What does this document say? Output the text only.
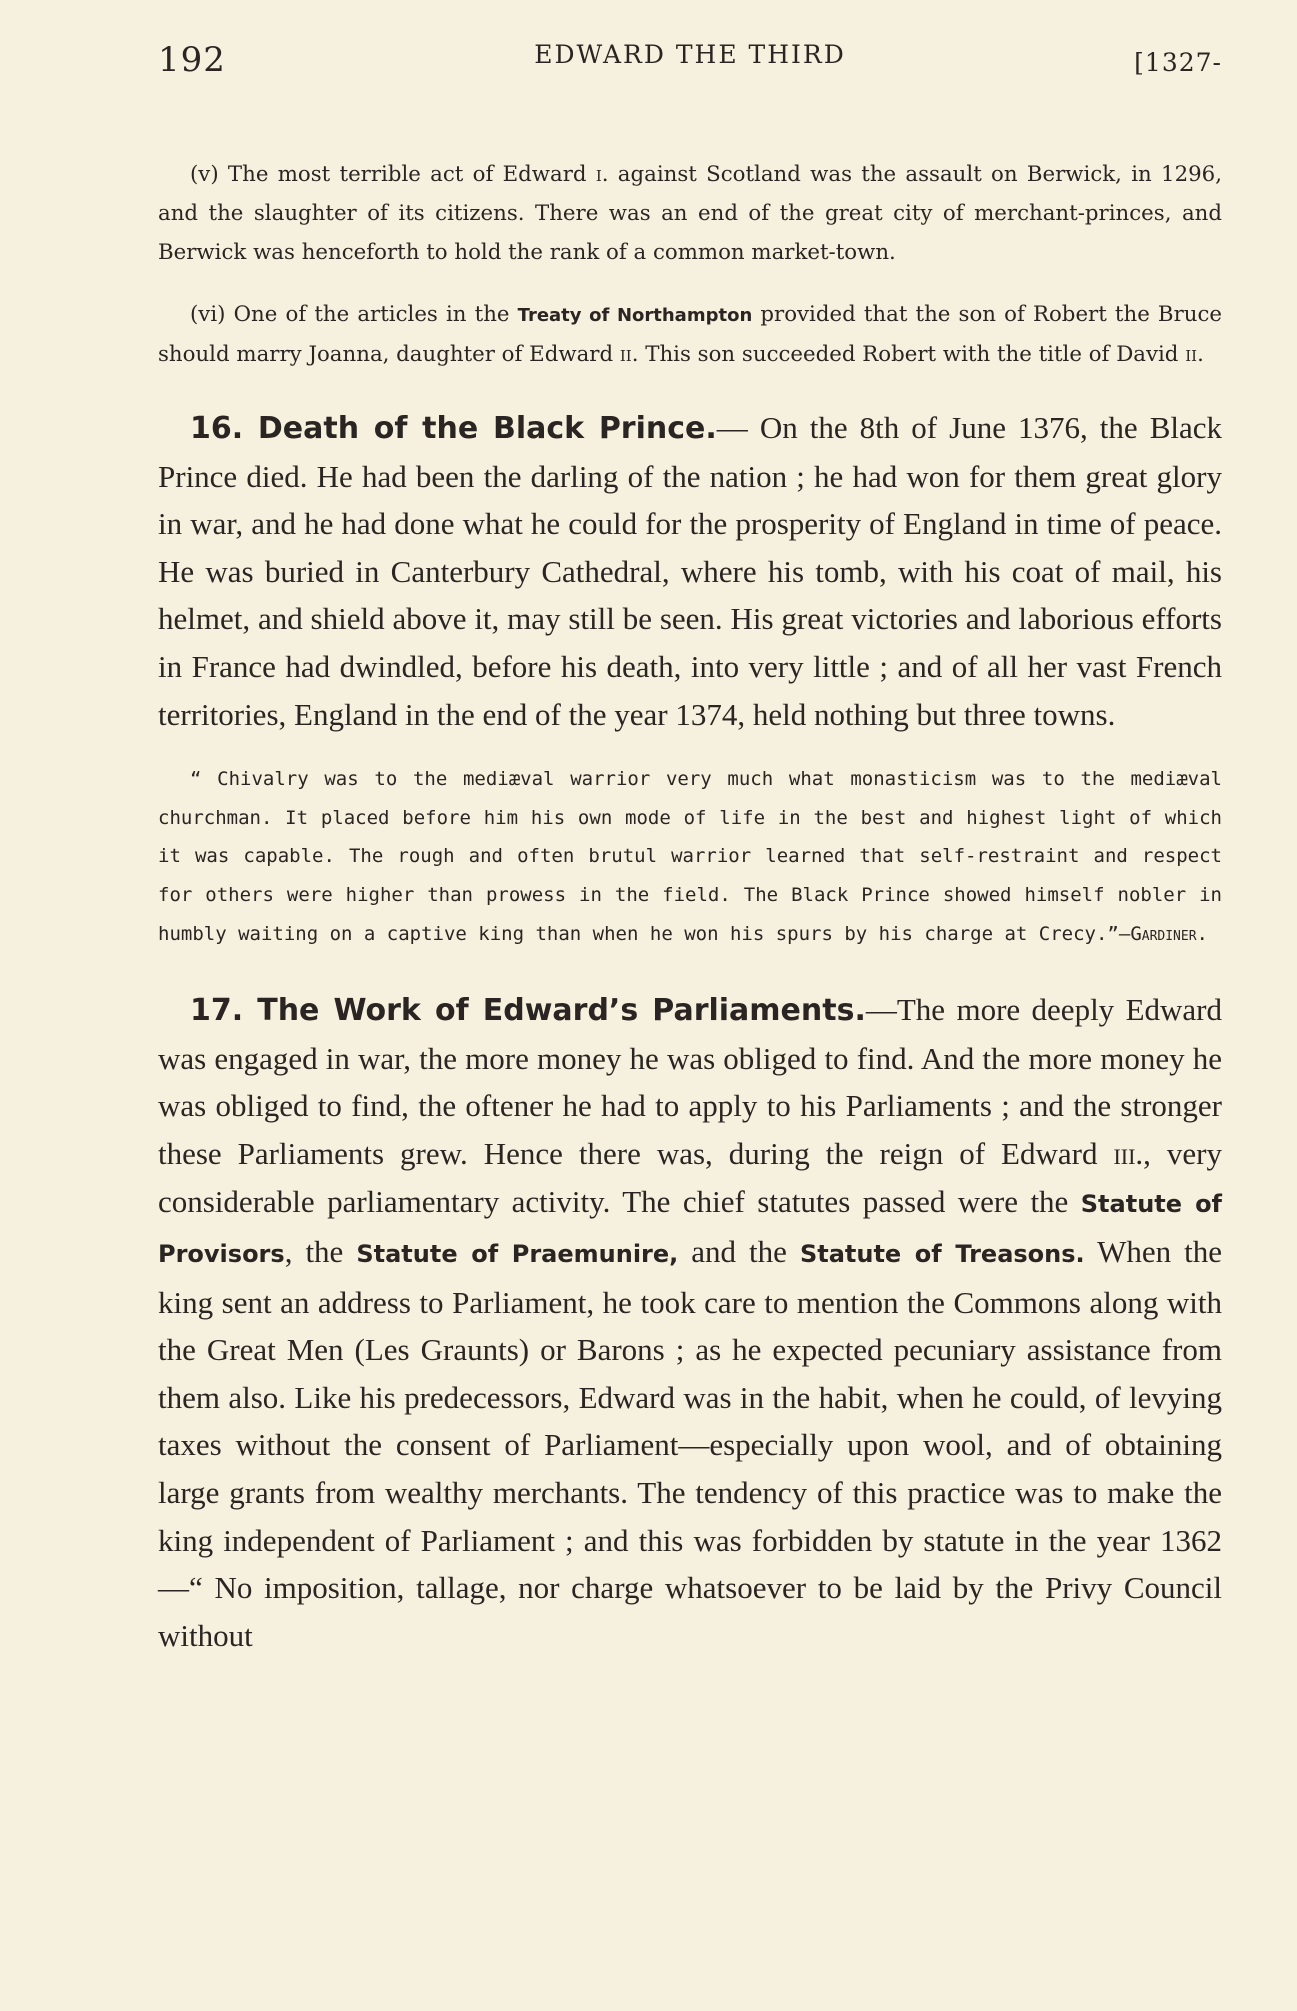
192	EDWARD THE THIRD	[1327-

(v) The most terrible act of Edward i. against Scotland was the assault on Berwick, in 1296, and the slaughter of its citizens. There was an end of the great city of merchant-princes, and Berwick was henceforth to hold the rank of a common market-town.

(vi) One of the articles in the Treaty of Northampton provided that the son of Robert the Bruce should marry Joanna, daughter of Edward ii. This son succeeded Robert with the title of David ii.

16. Death of the Black Prince.— On the 8th of June 1376, the Black Prince died. He had been the darling of the nation ; he had won for them great glory in war, and he had done what he could for the prosperity of England in time of peace. He was buried in Canterbury Cathedral, where his tomb, with his coat of mail, his helmet, and shield above it, may still be seen. His great victories and laborious efforts in France had dwindled, before his death, into very little ; and of all her vast French territories, England in the end of the year 1374, held nothing but three towns.

“ Chivalry was to the mediæval warrior very much what monasticism was to the mediæval churchman. It placed before him his own mode of life in the best and highest light of which it was capable. The rough and often brutul warrior learned that self-restraint and respect for others were higher than prowess in the field. The Black Prince showed himself nobler in humbly waiting on a captive king than when he won his spurs by his charge at Crecy.”—Gardiner.

17. The Work of Edward’s Parliaments.—The more deeply Edward was engaged in war, the more money he was obliged to find. And the more money he was obliged to find, the oftener he had to apply to his Parliaments ; and the stronger these Parliaments grew. Hence there was, during the reign of Edward iii., very considerable parliamentary activity. The chief statutes passed were the Statute of Provisors, the Statute of Praemunire, and the Statute of Treasons. When the king sent an address to Parliament, he took care to mention the Commons along with the Great Men (Les Graunts) or Barons ; as he expected pecuniary assistance from them also. Like his predecessors, Edward was in the habit, when he could, of levying taxes without the consent of Parliament—especially upon wool, and of obtaining large grants from wealthy merchants. The tendency of this practice was to make the king independent of Parliament ; and this was forbidden by statute in the year 1362—“ No imposition, tallage, nor charge whatsoever to be laid by the Privy Council without
